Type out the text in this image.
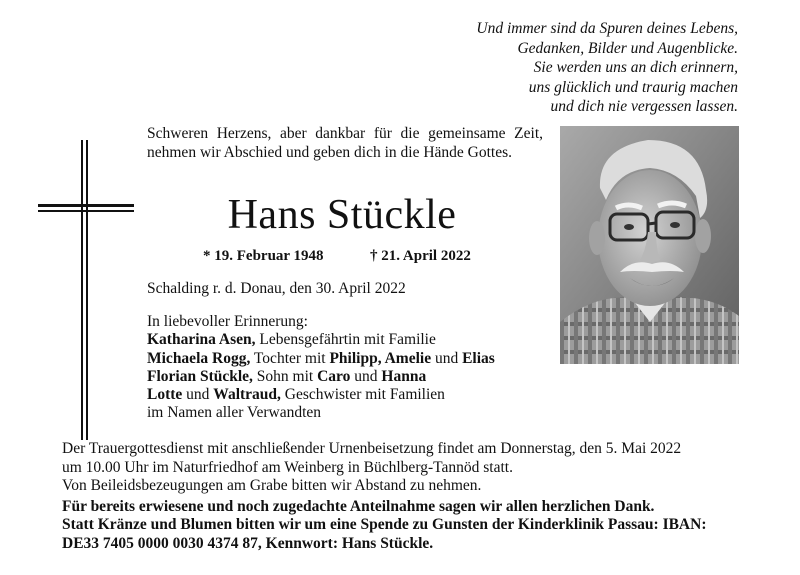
Und immer sind da Spuren deines Lebens,
Gedanken, Bilder und Augenblicke.
Sie werden uns an dich erinnern,
uns glücklich und traurig machen
und dich nie vergessen lassen.
Schweren Herzens, aber dankbar für die gemeinsame Zeit, nehmen wir Abschied und geben dich in die Hände Gottes.
Hans Stückle
* 19. Februar 1948	† 21. April 2022
Schalding r. d. Donau, den 30. April 2022
In liebevoller Erinnerung:
Katharina Asen, Lebensgefährtin mit Familie
Michaela Rogg, Tochter mit Philipp, Amelie und Elias
Florian Stückle, Sohn mit Caro und Hanna
Lotte und Waltraud, Geschwister mit Familien
im Namen aller Verwandten
Der Trauergottesdienst mit anschließender Urnenbeisetzung findet am Donnerstag, den 5. Mai 2022
um 10.00 Uhr im Naturfriedhof am Weinberg in Büchlberg-Tannöd statt.
Von Beileidsbezeugungen am Grabe bitten wir Abstand zu nehmen.
Für bereits erwiesene und noch zugedachte Anteilnahme sagen wir allen herzlichen Dank.
Statt Kränze und Blumen bitten wir um eine Spende zu Gunsten der Kinderklinik Passau: IBAN:
DE33 7405 0000 0030 4374 87, Kennwort: Hans Stückle.
